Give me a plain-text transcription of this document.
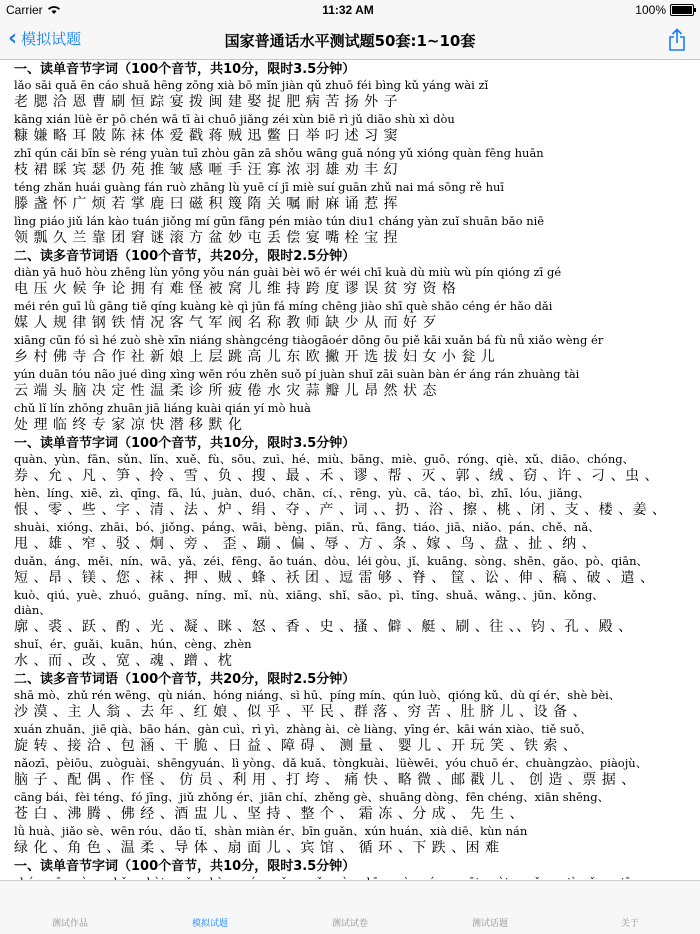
Carrier	11:32 AM	100%
‹ 模拟试题	国家普通话水平测试题50套:1~10套
一、读单音节字词（100个音节，共10分，限时3.5分钟）
lǎo sāi quǎ ēn cáo shuǎ hēng zōng xià bō mǐn jiàn qǔ zhuō féi bìng kǔ yáng wài zǐ
老 腮 洽 恩 曹 刷 恒 踪 宴 拨 闽 建 娶 捉 肥 病 苦 扬 外 子
kāng xián lüè ēr pō chén wā tī ài chuō jiǎng zéi xùn biē rì jǔ diāo shù xì dòu
糠 嫌 略 耳 陂 陈 袜 体 爱 戳 蒋 贼 迅 鳖 日 举 叼 述 习 窦
zhī qún cǎi bīn sè réng yuàn tuī zhòu gān zā shǒu wāng guǎ nóng yǔ xióng quàn fēng huān
枝 裙 睬 宾 瑟 仍 苑 推 皱 感 咂 手 汪 寡 浓 羽 雄 劝 丰 幻
téng zhǎn huái guàng fán ruò zhāng lù yuē cí jī miè suí guān zhǔ nai má sōng rě huī
滕 盏 怀 广 烦 若 掌 鹿 曰 磁 积 篾 隋 关 嘱 耐 麻 诵 惹 挥
lìng piáo jiǔ lán kào tuán jiǒng mí gūn fāng pén miào tún diu1 cháng yàn zuǐ shuān bǎo niē
领 瓢 久 兰 靠 团 窘 谜 滚 方 盆 妙 屯 丢 偿 宴 嘴 栓 宝 捏
二、读多音节词语（100个音节，共20分，限时2.5分钟）
diàn yā huǒ hòu zhēng lùn yōng yǒu nán guài bèi wō ér wéi chī kuà dù miù wù pín qióng zī gé
电 压 火 候 争 论 拥 有 难 怪 被 窝 儿 维 持 跨 度 谬 误 贫 穷 资 格
méi rén guī lǜ gāng tiě qíng kuàng kè qì jūn fá míng chēng jiào shī què shǎo céng ér hǎo dǎi
媒 人 规 律 钢 铁 情 况 客 气 军 阀 名 称 教 师 缺 少 从 而 好 歹
xiāng cūn fó sì hé zuò shè xīn niáng shàngcéng tiàogāoér dōng ōu piě kāi xuǎn bá fù nǚ xiǎo wèng ér
乡 村 佛 寺 合 作 社 新 娘 上 层 跳 高 儿 东 欧 撇 开 选 拔 妇 女 小 瓮 儿
yún duān tóu não jué dìng xìng wēn róu zhěn suǒ pí juàn shuǐ zāi suàn bàn ér áng rán zhuàng tài
云 端 头 脑 决 定 性 温 柔 诊 所 疲 倦 水 灾 蒜 瓣 儿 昂 然 状 态
chǔ lǐ lín zhōng zhuān jiā liáng kuài qián yí mò huà
处 理 临 终 专 家 凉 快 潜 移 默 化
一、读单音节字词（100个音节，共10分，限时3.5分钟）
quàn、yùn、fān、sǔn、lǐn、xuě、fù、sōu、zuì、hé、miù、bāng、miè、guō、róng、qiè、xǔ、diāo、chóng、
券 、允 、凡 、笋 、拎 、雪 、负 、搜 、最 、禾 、谬 、帮 、灭 、郭 、绒 、窃 、许 、刁 、虫 、
hèn、líng、xiē、zì、qīng、fā、lú、juàn、duó、chǎn、cí、、rēng、yù、cā、táo、bì、zhī、lóu、jiǎng、
恨 、零 、些 、字 、清 、法 、炉 、绢 、夺 、产 、词 、、扔 、浴 、擦 、桃 、闭 、支 、楼 、姜 、
shuài、xióng、zhāi、bó、jiǒng、páng、wāi、bèng、piān、rǔ、fāng、tiáo、jiā、niǎo、pán、chě、nǎ、
甩 、雄 、窄 、驳 、炯 、旁 、 歪 、蹦 、偏 、辱 、方 、条 、嫁 、鸟 、盘 、扯 、纳 、
duǎn、áng、měi、nín、wā、yǎ、zéi、fēng、ǎo tuán、dòu、léi gòu、jǐ、kuāng、sòng、shēn、gǎo、pò、qiān、
短 、昂 、镁 、您 、袜 、押 、贼 、蜂 、袄 团 、逗 雷 够 、脊 、 筐 、讼 、伸 、稿 、破 、遣 、
kuò、qiú、yuè、zhuó、guāng、níng、mǐ、nù、xiāng、shǐ、sāo、pì、tǐng、shuǎ、wǎng、、jūn、kǒng、
diàn、
廓 、裘 、跃 、酌 、光 、凝 、眯 、怒 、香 、史 、搔 、僻 、艇 、刷 、往 、、钧 、孔 、殿 、
shuǐ、ér、guǎi、kuān、hún、cèng、zhèn
水 、而 、改 、宽 、魂 、蹭 、枕
二、读多音节词语（100个音节，共20分，限时2.5分钟）
shā mò、zhǔ rén wēng、qù nián、hóng niáng、sì hū、píng mín、qún luò、qióng kǔ、dù qí ér、shè bèi、
沙 漠 、主 人 翁 、去 年 、红 娘 、似 乎 、平 民 、群 落 、穷 苦 、肚 脐 儿 、设 备 、
xuán zhuǎn、jiē qià、bāo hán、gàn cuì、rì yì、zhàng ài、cè liàng、yīng ér、kāi wán xiào、tiě suǒ、
旋 转 、接 洽 、包 涵 、干 脆 、日 益 、障 碍 、 测 量 、 婴 儿 、开 玩 笑 、铁 索 、
nǎozī、pèiōu、zuòguài、shēngyuán、lì yòng、dǎ kuǎ、tòngkuài、lüèwēi、yóu chuō ér、chuàngzào、piàojù、
脑 子 、配 偶 、作 怪 、 仿 员 、利 用 、打 垮 、 痛 快 、略 微 、邮 戳 儿 、 创 造 、票 据 、
cāng bái、fèi téng、fó jīng、jiǔ zhǒng ér、jiān chí、zhěng gè、shuāng dòng、fēn chéng、xiān shēng、
苍 白 、沸 腾 、佛 经 、酒 盅 儿 、坚 持 、整 个 、 霜 冻 、分 成 、 先 生 、
lǜ huà、jiǎo sè、wēn róu、dǎo tǐ、shàn miàn ér、bīn guǎn、xún huán、xià diē、kùn nán
绿 化 、角 色 、温 柔 、导 体 、扇 面 儿 、宾 馆 、 循 环 、下 跌 、困 难
一、读单音节字词（100个音节，共10分，限时3.5分钟）
测试作品	模拟试题	测试试卷	测试话题	关于
